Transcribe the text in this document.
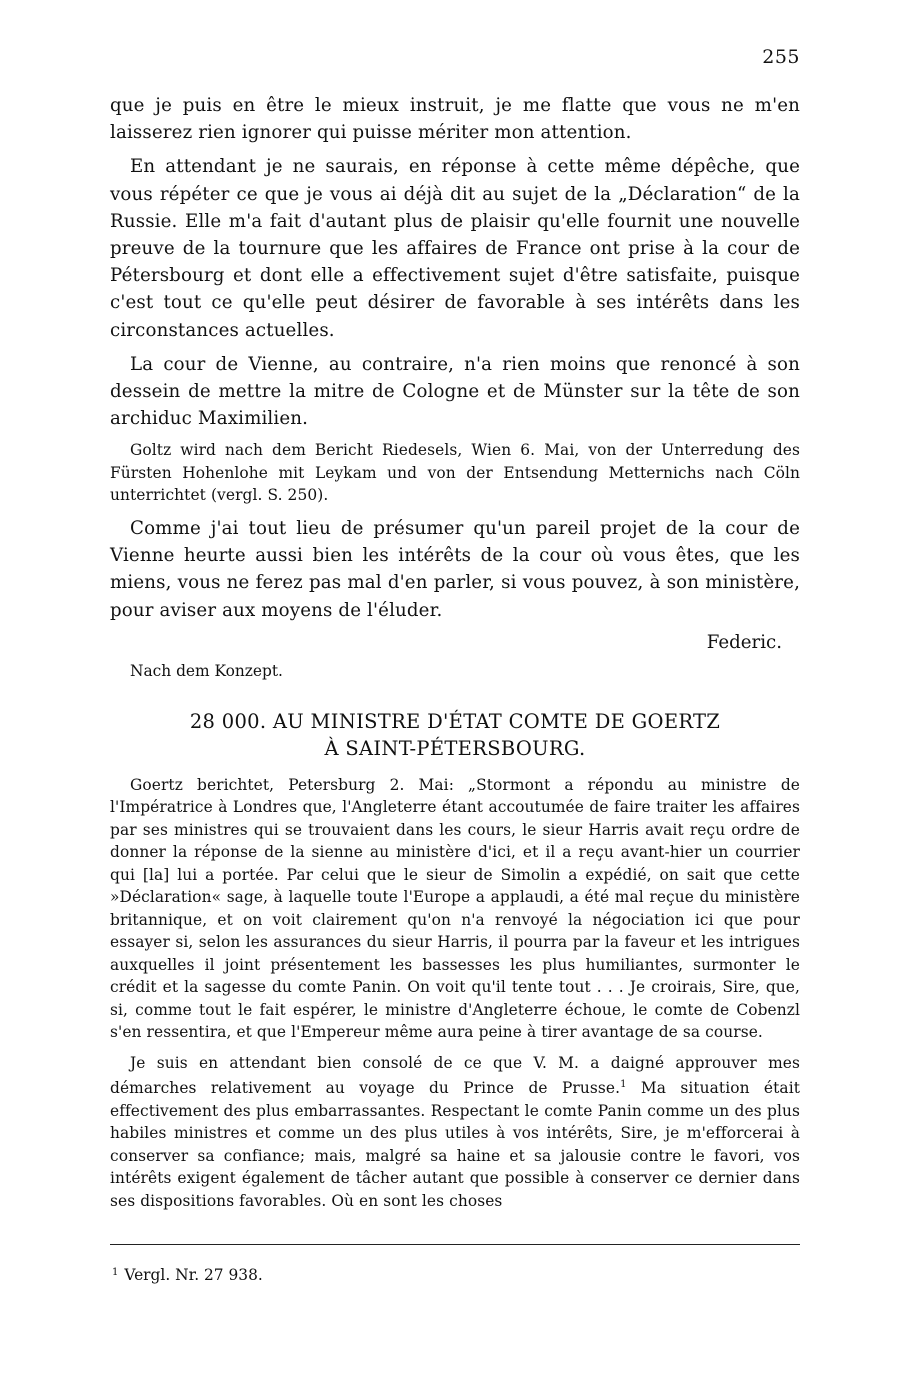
255

que je puis en être le mieux instruit, je me flatte que vous ne m'en laisserez rien ignorer qui puisse mériter mon attention.

En attendant je ne saurais, en réponse à cette même dépêche, que vous répéter ce que je vous ai déjà dit au sujet de la „Déclaration“ de la Russie. Elle m'a fait d'autant plus de plaisir qu'elle fournit une nouvelle preuve de la tournure que les affaires de France ont prise à la cour de Pétersbourg et dont elle a effectivement sujet d'être satisfaite, puisque c'est tout ce qu'elle peut désirer de favorable à ses intérêts dans les circonstances actuelles.

La cour de Vienne, au contraire, n'a rien moins que renoncé à son dessein de mettre la mitre de Cologne et de Münster sur la tête de son archiduc Maximilien.

Goltz wird nach dem Bericht Riedesels, Wien 6. Mai, von der Unterredung des Fürsten Hohenlohe mit Leykam und von der Entsendung Metternichs nach Cöln unterrichtet (vergl. S. 250).

Comme j'ai tout lieu de présumer qu'un pareil projet de la cour de Vienne heurte aussi bien les intérêts de la cour où vous êtes, que les miens, vous ne ferez pas mal d'en parler, si vous pouvez, à son ministère, pour aviser aux moyens de l'éluder.

Federic.
Nach dem Konzept.
28 000. AU MINISTRE D'ÉTAT COMTE DE GOERTZ
À SAINT-PÉTERSBOURG.

Goertz berichtet, Petersburg 2. Mai: „Stormont a répondu au ministre de l'Impératrice à Londres que, l'Angleterre étant accoutumée de faire traiter les affaires par ses ministres qui se trouvaient dans les cours, le sieur Harris avait reçu ordre de donner la réponse de la sienne au ministère d'ici, et il a reçu avant-hier un courrier qui [la] lui a portée. Par celui que le sieur de Simolin a expédié, on sait que cette »Déclaration« sage, à laquelle toute l'Europe a applaudi, a été mal reçue du ministère britannique, et on voit clairement qu'on n'a renvoyé la négociation ici que pour essayer si, selon les assurances du sieur Harris, il pourra par la faveur et les intrigues auxquelles il joint présentement les bassesses les plus humiliantes, surmonter le crédit et la sagesse du comte Panin. On voit qu'il tente tout . . . Je croirais, Sire, que, si, comme tout le fait espérer, le ministre d'Angleterre échoue, le comte de Cobenzl s'en ressentira, et que l'Empereur même aura peine à tirer avantage de sa course.

Je suis en attendant bien consolé de ce que V. M. a daigné approuver mes démarches relativement au voyage du Prince de Prusse.$^1$ Ma situation était effectivement des plus embarrassantes. Respectant le comte Panin comme un des plus habiles ministres et comme un des plus utiles à vos intérêts, Sire, je m'efforcerai à conserver sa confiance; mais, malgré sa haine et sa jalousie contre le favori, vos intérêts exigent également de tâcher autant que possible à conserver ce dernier dans ses dispositions favorables. Où en sont les choses

$^1$ Vergl. Nr. 27 938.
